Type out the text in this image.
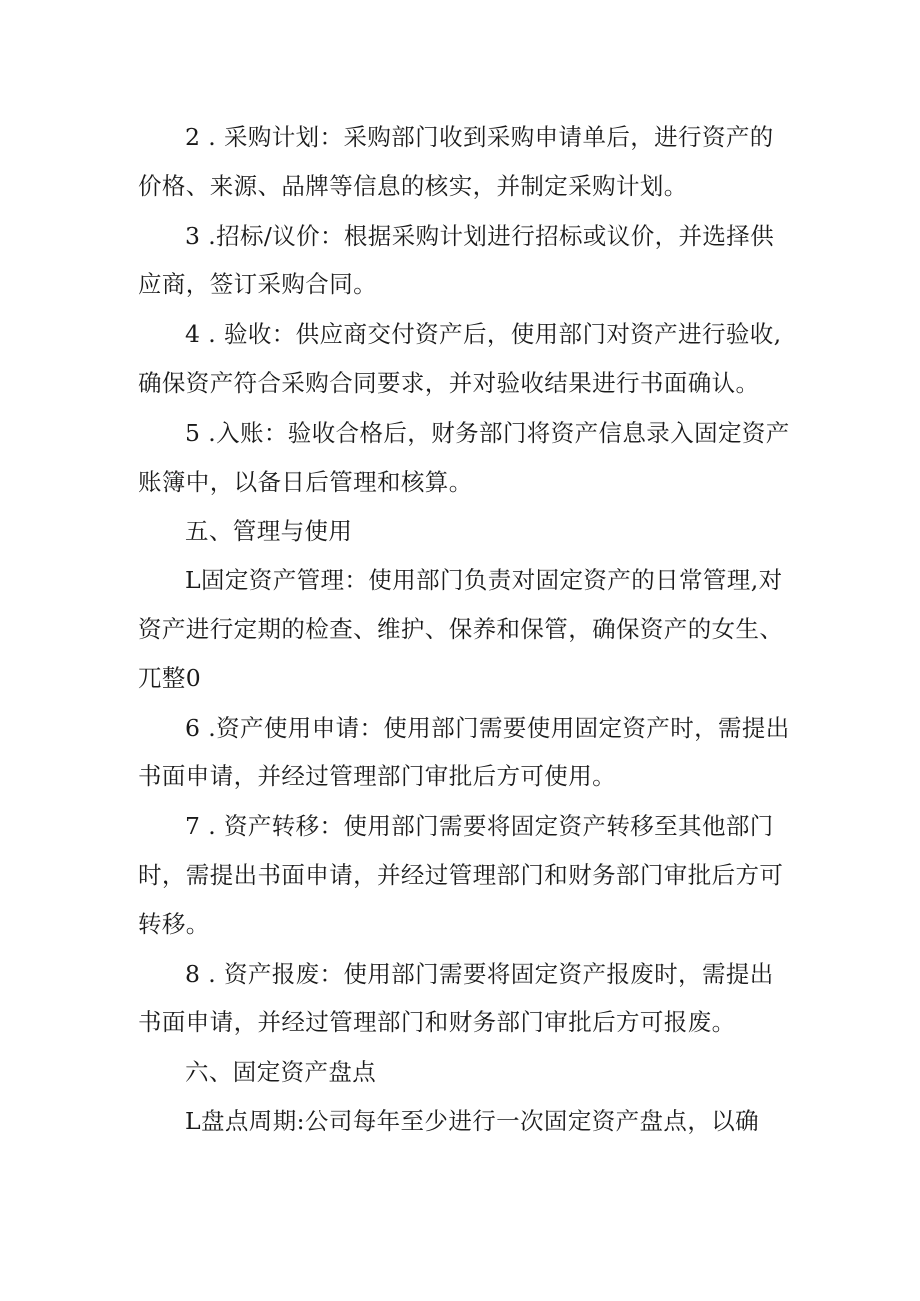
2 . 采购计划：采购部门收到采购申请单后，进行资产的价格、来源、品牌等信息的核实，并制定采购计划。

3 .招标/议价：根据采购计划进行招标或议价，并选择供应商，签订采购合同。

4 . 验收：供应商交付资产后，使用部门对资产进行验收,确保资产符合采购合同要求，并对验收结果进行书面确认。

5 .入账：验收合格后，财务部门将资产信息录入固定资产账簿中，以备日后管理和核算。

五、管理与使用

L固定资产管理：使用部门负责对固定资产的日常管理,对资产进行定期的检查、维护、保养和保管，确保资产的女生、兀整0

6 .资产使用申请：使用部门需要使用固定资产时，需提出书面申请，并经过管理部门审批后方可使用。

7 . 资产转移：使用部门需要将固定资产转移至其他部门时，需提出书面申请，并经过管理部门和财务部门审批后方可转移。

8 . 资产报废：使用部门需要将固定资产报废时，需提出书面申请，并经过管理部门和财务部门审批后方可报废。

六、固定资产盘点

L盘点周期:公司每年至少进行一次固定资产盘点，以确
